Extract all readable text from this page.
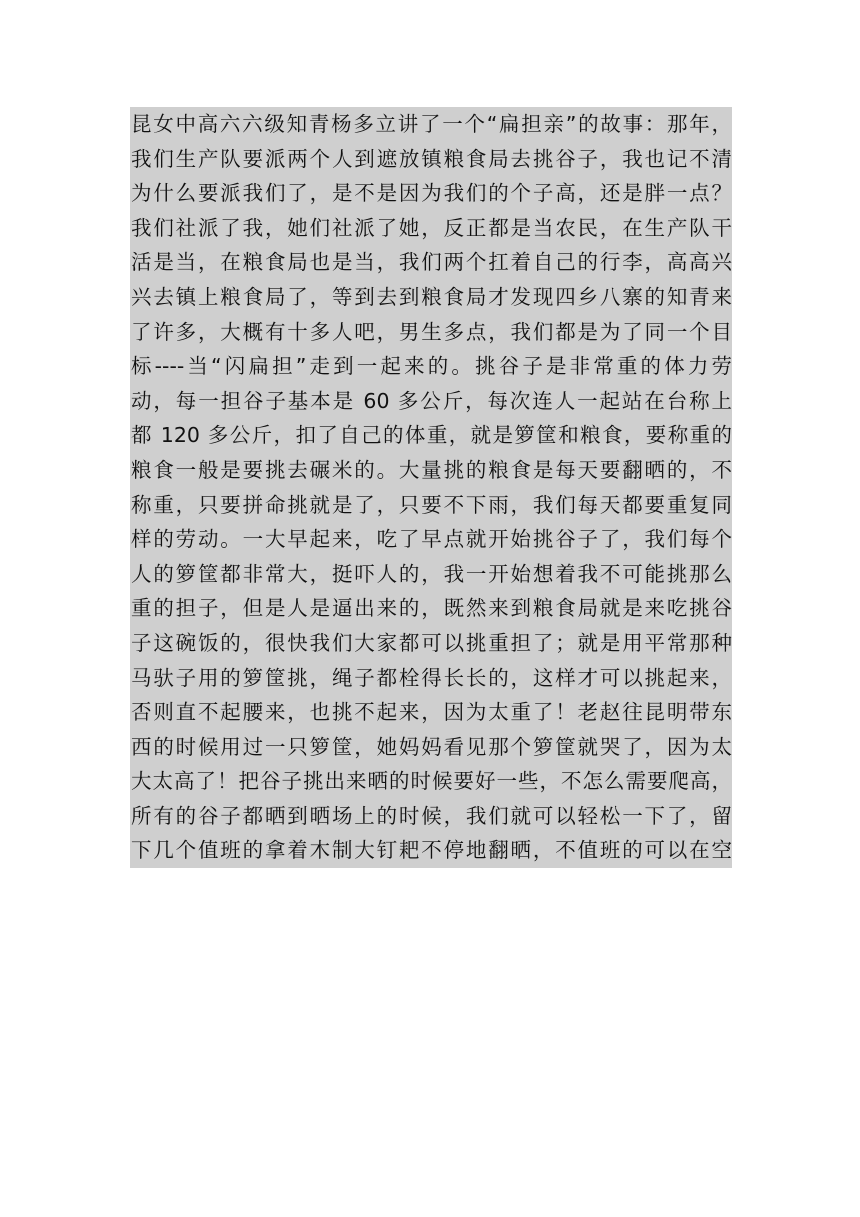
昆女中高六六级知青杨多立讲了一个“扁担亲”的故事：那年，
我们生产队要派两个人到遮放镇粮食局去挑谷子，我也记不清
为什么要派我们了，是不是因为我们的个子高，还是胖一点？
我们社派了我，她们社派了她，反正都是当农民，在生产队干
活是当，在粮食局也是当，我们两个扛着自己的行李，高高兴
兴去镇上粮食局了，等到去到粮食局才发现四乡八寨的知青来
了许多，大概有十多人吧，男生多点，我们都是为了同一个目
标----当“闪扁担”走到一起来的。挑谷子是非常重的体力劳
动，每一担谷子基本是 60 多公斤，每次连人一起站在台称上
都 120 多公斤，扣了自己的体重，就是箩筐和粮食，要称重的
粮食一般是要挑去碾米的。大量挑的粮食是每天要翻晒的，不
称重，只要拼命挑就是了，只要不下雨，我们每天都要重复同
样的劳动。一大早起来，吃了早点就开始挑谷子了，我们每个
人的箩筐都非常大，挺吓人的，我一开始想着我不可能挑那么
重的担子，但是人是逼出来的，既然来到粮食局就是来吃挑谷
子这碗饭的，很快我们大家都可以挑重担了；就是用平常那种
马驮子用的箩筐挑，绳子都栓得长长的，这样才可以挑起来，
否则直不起腰来，也挑不起来，因为太重了！老赵往昆明带东
西的时候用过一只箩筐，她妈妈看见那个箩筐就哭了，因为太
大太高了！把谷子挑出来晒的时候要好一些，不怎么需要爬高，
所有的谷子都晒到晒场上的时候，我们就可以轻松一下了，留
下几个值班的拿着木制大钉耙不停地翻晒，不值班的可以在空
